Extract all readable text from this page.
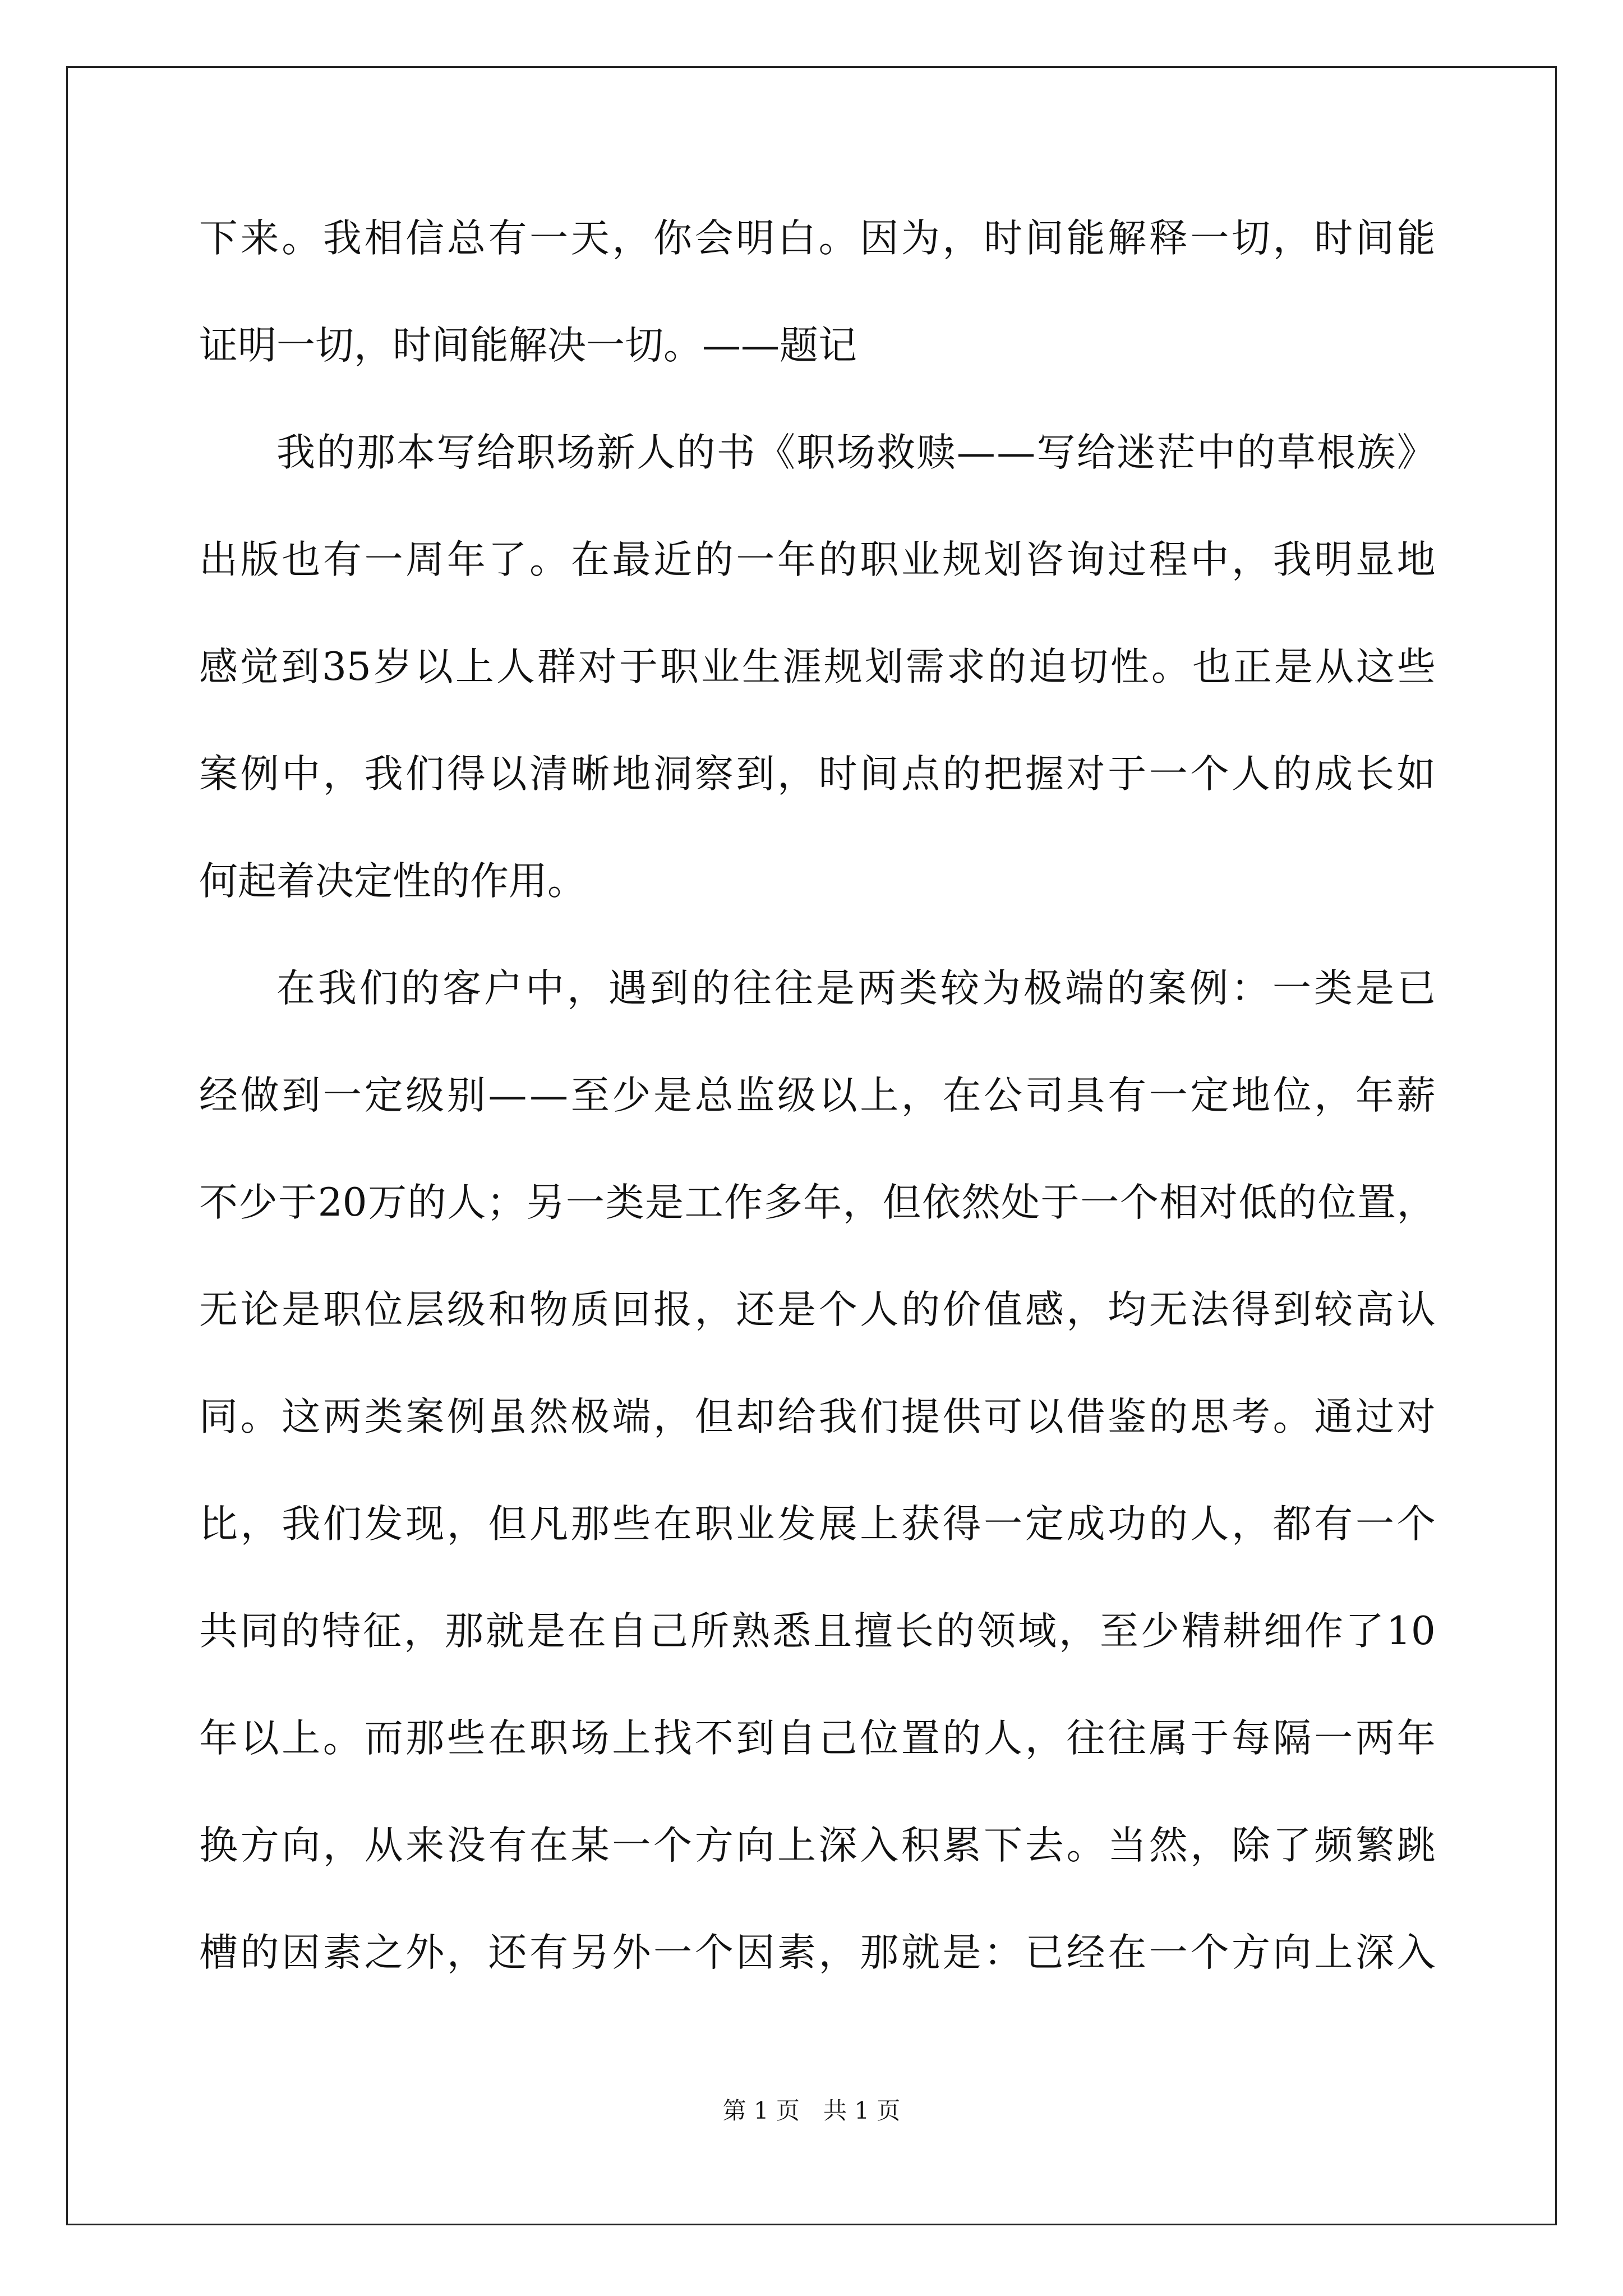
下 来 。 我 相 信 总 有 一 天 ， 你 会 明 白 。 因 为 ， 时 间 能 解 释 一 切 ， 时 间 能
证明一切，时间能解决一切。——题记
我 的 那 本 写 给 职 场 新 人 的 书 《 职 场 救 赎 — — 写 给 迷 茫 中 的 草 根 族 》
出 版 也 有 一 周 年 了 。 在 最 近 的 一 年 的 职 业 规 划 咨 询 过 程 中 ， 我 明 显 地
感 觉 到 35 岁 以 上 人 群 对 于 职 业 生 涯 规 划 需 求 的 迫 切 性 。 也 正 是 从 这 些
案 例 中 ， 我 们 得 以 清 晰 地 洞 察 到 ， 时 间 点 的 把 握 对 于 一 个 人 的 成 长 如
何起着决定性的作用。
在 我 们 的 客 户 中 ， 遇 到 的 往 往 是 两 类 较 为 极 端 的 案 例 ： 一 类 是 已
经 做 到 一 定 级 别 — — 至 少 是 总 监 级 以 上 ， 在 公 司 具 有 一 定 地 位 ， 年 薪
不 少 于 20 万 的 人 ； 另 一 类 是 工 作 多 年 ， 但 依 然 处 于 一 个 相 对 低 的 位 置 ，
无 论 是 职 位 层 级 和 物 质 回 报 ， 还 是 个 人 的 价 值 感 ， 均 无 法 得 到 较 高 认
同 。 这 两 类 案 例 虽 然 极 端 ， 但 却 给 我 们 提 供 可 以 借 鉴 的 思 考 。 通 过 对
比 ， 我 们 发 现 ， 但 凡 那 些 在 职 业 发 展 上 获 得 一 定 成 功 的 人 ， 都 有 一 个
共 同 的 特 征 ， 那 就 是 在 自 己 所 熟 悉 且 擅 长 的 领 域 ， 至 少 精 耕 细 作 了 10
年 以 上 。 而 那 些 在 职 场 上 找 不 到 自 己 位 置 的 人 ， 往 往 属 于 每 隔 一 两 年
换 方 向 ， 从 来 没 有 在 某 一 个 方 向 上 深 入 积 累 下 去 。 当 然 ， 除 了 频 繁 跳
槽 的 因 素 之 外 ， 还 有 另 外 一 个 因 素 ， 那 就 是 ： 已 经 在 一 个 方 向 上 深 入
第 1 页　共 1 页
